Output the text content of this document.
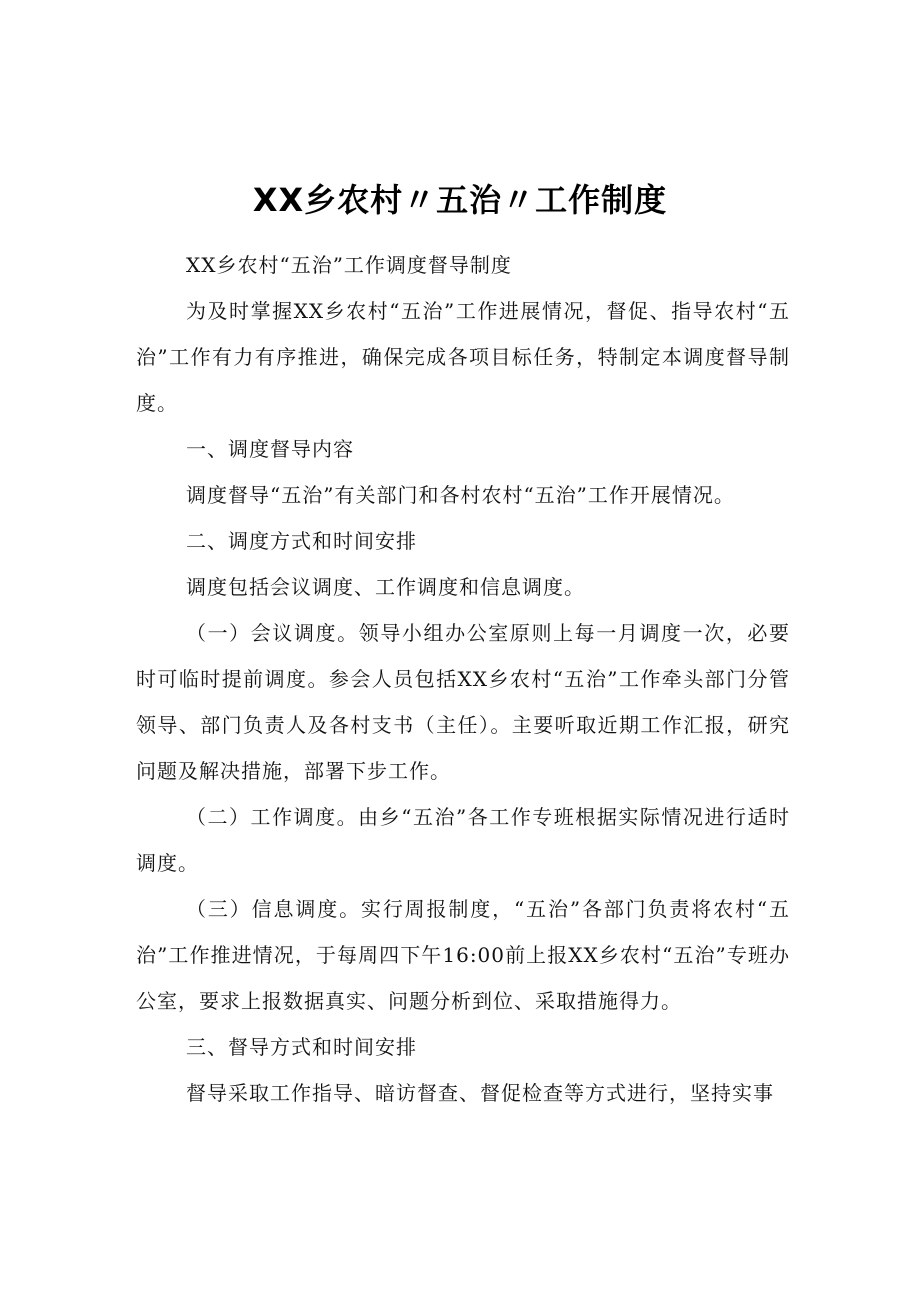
XX乡农村〃五治〃工作制度

XX乡农村“五治”工作调度督导制度

为及时掌握XX乡农村“五治”工作进展情况，督促、指导农村“五治”工作有力有序推进，确保完成各项目标任务，特制定本调度督导制度。

一、调度督导内容

调度督导“五治”有关部门和各村农村“五治”工作开展情况。

二、调度方式和时间安排

调度包括会议调度、工作调度和信息调度。

（一）会议调度。领导小组办公室原则上每一月调度一次，必要时可临时提前调度。参会人员包括XX乡农村“五治”工作牵头部门分管领导、部门负责人及各村支书（主任）。主要听取近期工作汇报，研究问题及解决措施，部署下步工作。

（二）工作调度。由乡“五治”各工作专班根据实际情况进行适时调度。

（三）信息调度。实行周报制度，“五治”各部门负责将农村“五治”工作推进情况，于每周四下午16:00前上报XX乡农村“五治”专班办公室，要求上报数据真实、问题分析到位、采取措施得力。

三、督导方式和时间安排

督导采取工作指导、暗访督查、督促检查等方式进行，坚持实事
